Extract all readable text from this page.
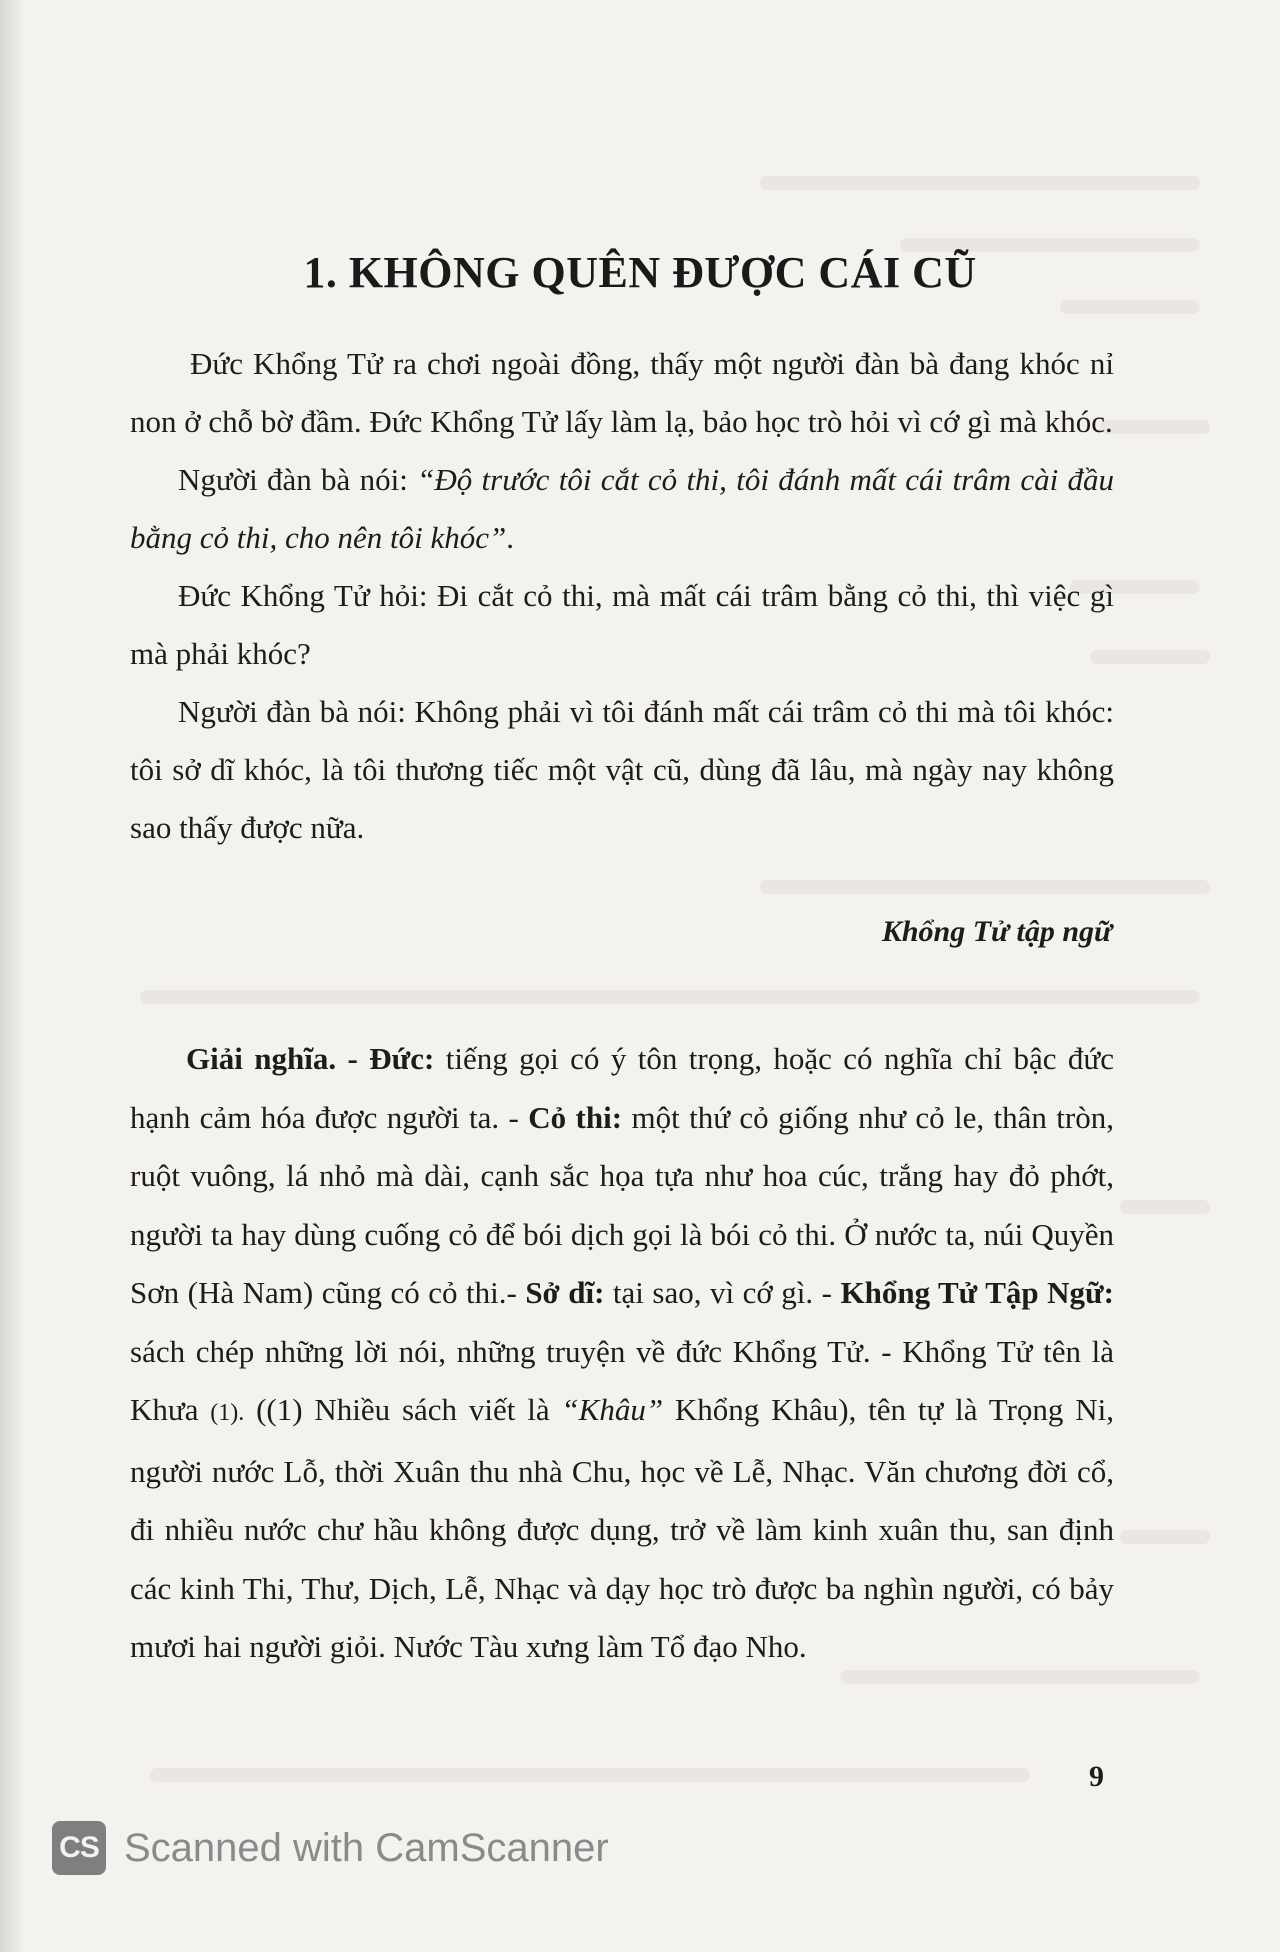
1. KHÔNG QUÊN ĐƯỢC CÁI CŨ

Đức Khổng Tử ra chơi ngoài đồng, thấy một người đàn bà đang khóc nỉ non ở chỗ bờ đầm. Đức Khổng Tử lấy làm lạ, bảo học trò hỏi vì cớ gì mà khóc.

Người đàn bà nói: “Độ trước tôi cắt cỏ thi, tôi đánh mất cái trâm cài đầu bằng cỏ thi, cho nên tôi khóc”.

Đức Khổng Tử hỏi: Đi cắt cỏ thi, mà mất cái trâm bằng cỏ thi, thì việc gì mà phải khóc?

Người đàn bà nói: Không phải vì tôi đánh mất cái trâm cỏ thi mà tôi khóc: tôi sở dĩ khóc, là tôi thương tiếc một vật cũ, dùng đã lâu, mà ngày nay không sao thấy được nữa.

Khổng Tử tập ngữ

Giải nghĩa. - Đức: tiếng gọi có ý tôn trọng, hoặc có nghĩa chỉ bậc đức hạnh cảm hóa được người ta. - Cỏ thi: một thứ cỏ giống như cỏ le, thân tròn, ruột vuông, lá nhỏ mà dài, cạnh sắc họa tựa như hoa cúc, trắng hay đỏ phớt, người ta hay dùng cuống cỏ để bói dịch gọi là bói cỏ thi. Ở nước ta, núi Quyền Sơn (Hà Nam) cũng có cỏ thi.- Sở dĩ: tại sao, vì cớ gì. - Khổng Tử Tập Ngữ: sách chép những lời nói, những truyện về đức Khổng Tử. - Khổng Tử tên là Khưa (1). ((1) Nhiều sách viết là “Khâu” Khổng Khâu), tên tự là Trọng Ni, người nước Lỗ, thời Xuân thu nhà Chu, học về Lễ, Nhạc. Văn chương đời cổ, đi nhiều nước chư hầu không được dụng, trở về làm kinh xuân thu, san định các kinh Thi, Thư, Dịch, Lễ, Nhạc và dạy học trò được ba nghìn người, có bảy mươi hai người giỏi. Nước Tàu xưng làm Tổ đạo Nho.

9
CS Scanned with CamScanner
